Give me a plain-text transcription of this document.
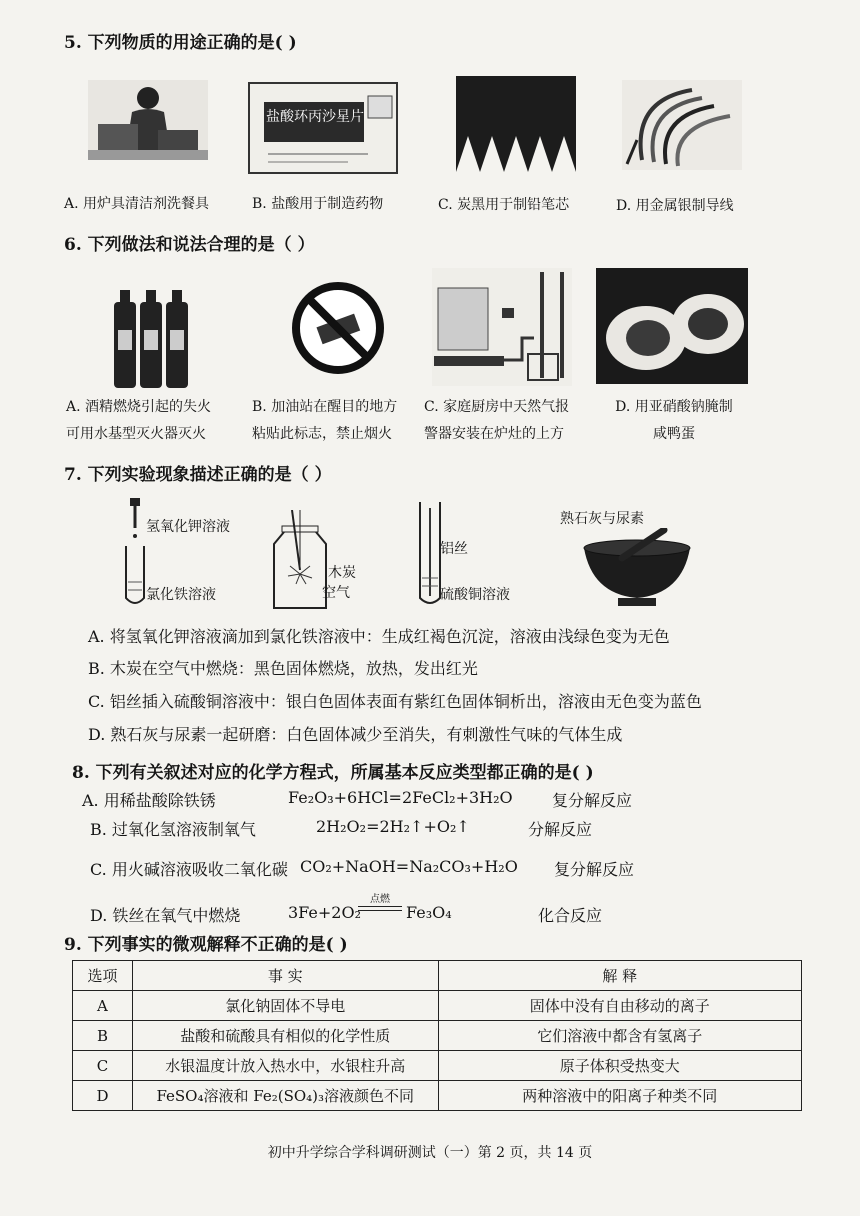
5. 下列物质的用途正确的是( )
盐酸环丙沙星片
A. 用炉具清洁剂洗餐具	B. 盐酸用于制造药物	C. 炭黑用于制铅笔芯	D. 用金属银制导线
6. 下列做法和说法合理的是（ ）
A. 酒精燃烧引起的失火
可用水基型灭火器灭火
B. 加油站在醒目的地方
粘贴此标志，禁止烟火
C. 家庭厨房中天然气报
警器安装在炉灶的上方
D. 用亚硝酸钠腌制
咸鸭蛋
7. 下列实验现象描述正确的是（ ）
氢氧化钾溶液
氯化铁溶液
木炭
空气
铝丝
硫酸铜溶液
熟石灰与尿素
A. 将氢氧化钾溶液滴加到氯化铁溶液中：生成红褐色沉淀，溶液由浅绿色变为无色
B. 木炭在空气中燃烧：黑色固体燃烧，放热，发出红光
C. 铝丝插入硫酸铜溶液中：银白色固体表面有紫红色固体铜析出，溶液由无色变为蓝色
D. 熟石灰与尿素一起研磨：白色固体减少至消失，有刺激性气味的气体生成
8. 下列有关叙述对应的化学方程式，所属基本反应类型都正确的是( )
A. 用稀盐酸除铁锈	Fe₂O₃+6HCl=2FeCl₂+3H₂O 复分解反应
B. 过氧化氢溶液制氧气	2H₂O₂=2H₂↑+O₂↑	分解反应
C. 用火碱溶液吸收二氧化碳 CO₂+NaOH=Na₂CO₃+H₂O 复分解反应
D. 铁丝在氧气中燃烧	3Fe+2O₂
点燃
Fe₃O₄	化合反应
9. 下列事实的微观解释不正确的是( )
选项	事 实	解 释
A	氯化钠固体不导电	固体中没有自由移动的离子
B	盐酸和硫酸具有相似的化学性质	它们溶液中都含有氢离子
C	水银温度计放入热水中，水银柱升高	原子体积受热变大
D	FeSO₄溶液和 Fe₂(SO₄)₃溶液颜色不同	两种溶液中的阳离子种类不同
初中升学综合学科调研测试（一）第 2 页，共 14 页
